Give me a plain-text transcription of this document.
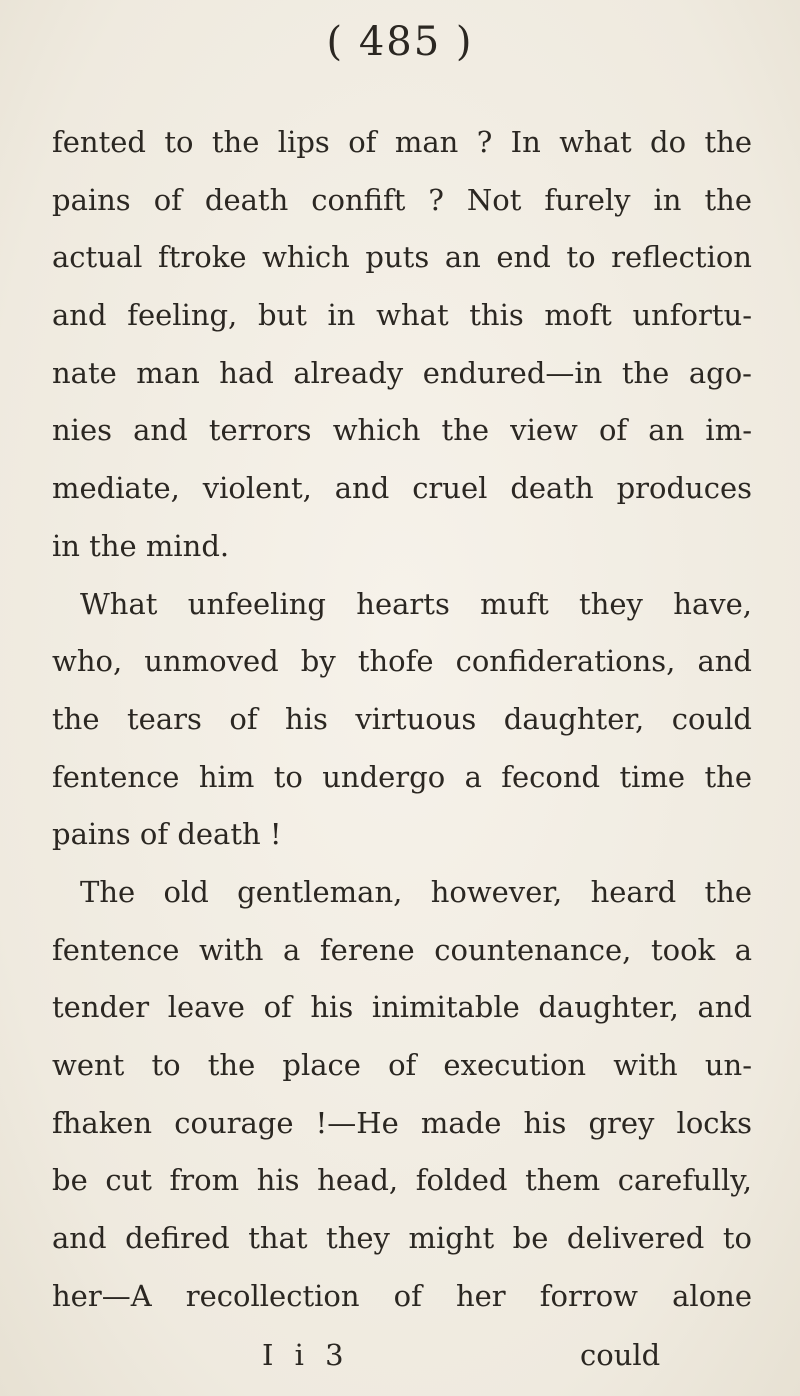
( 485 )
fented to the lips of man ? In what do the
pains of death confift ? Not furely in the
actual ftroke which puts an end to reflection
and feeling, but in what this moft unfortu-
nate man had already endured—in the ago-
nies and terrors which the view of an im-
mediate, violent, and cruel death produces
in the mind.
What unfeeling hearts muft they have,
who, unmoved by thofe confiderations, and
the tears of his virtuous daughter, could
fentence him to undergo a fecond time the
pains of death !
The old gentleman, however, heard the
fentence with a ferene countenance, took a
tender leave of his inimitable daughter, and
went to the place of execution with un-
fhaken courage !—He made his grey locks
be cut from his head, folded them carefully,
and defired that they might be delivered to
her—A recollection of her forrow alone
I i 3	could
